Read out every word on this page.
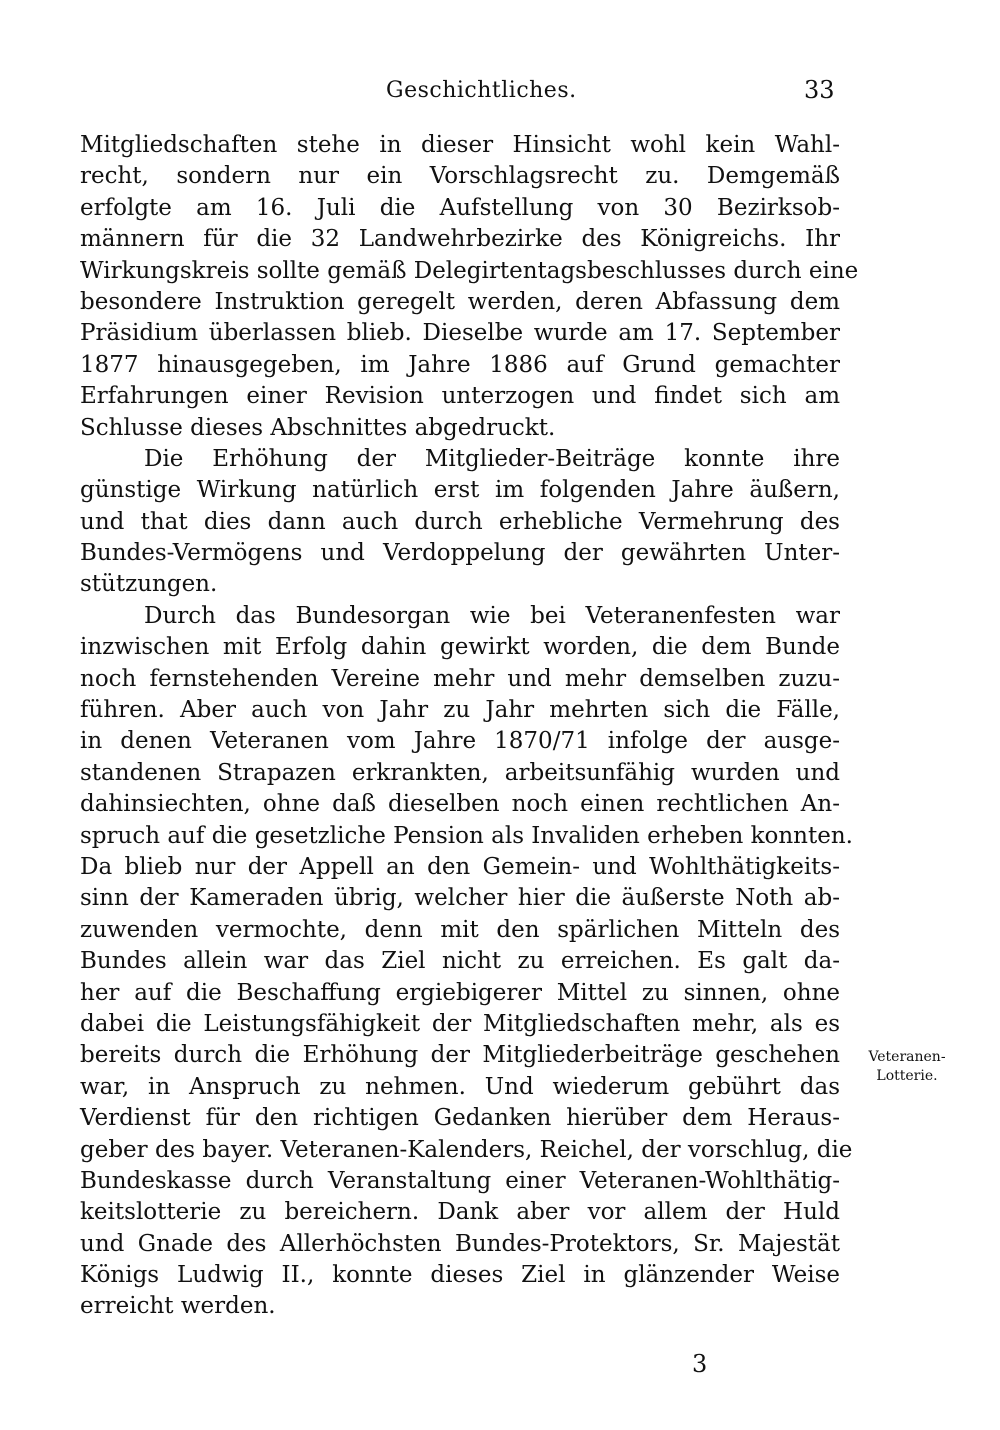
Geschichtliches.	33
Mitgliedschaften stehe in dieser Hinsicht wohl kein Wahl-
recht, sondern nur ein Vorschlagsrecht zu. Demgemäß
erfolgte am 16. Juli die Aufstellung von 30 Bezirksob-
männern für die 32 Landwehrbezirke des Königreichs. Ihr
Wirkungskreis sollte gemäß Delegirtentagsbeschlusses durch eine
besondere Instruktion geregelt werden, deren Abfassung dem
Präsidium überlassen blieb. Dieselbe wurde am 17. September
1877 hinausgegeben, im Jahre 1886 auf Grund gemachter
Erfahrungen einer Revision unterzogen und findet sich am
Schlusse dieses Abschnittes abgedruckt.
Die Erhöhung der Mitglieder-Beiträge konnte ihre
günstige Wirkung natürlich erst im folgenden Jahre äußern,
und that dies dann auch durch erhebliche Vermehrung des
Bundes-Vermögens und Verdoppelung der gewährten Unter-
stützungen.
Durch das Bundesorgan wie bei Veteranenfesten war
inzwischen mit Erfolg dahin gewirkt worden, die dem Bunde
noch fernstehenden Vereine mehr und mehr demselben zuzu-
führen. Aber auch von Jahr zu Jahr mehrten sich die Fälle,
in denen Veteranen vom Jahre 1870/71 infolge der ausge-
standenen Strapazen erkrankten, arbeitsunfähig wurden und
dahinsiechten, ohne daß dieselben noch einen rechtlichen An-
spruch auf die gesetzliche Pension als Invaliden erheben konnten.
Da blieb nur der Appell an den Gemein- und Wohlthätigkeits-
sinn der Kameraden übrig, welcher hier die äußerste Noth ab-
zuwenden vermochte, denn mit den spärlichen Mitteln des
Bundes allein war das Ziel nicht zu erreichen. Es galt da-
her auf die Beschaffung ergiebigerer Mittel zu sinnen, ohne
dabei die Leistungsfähigkeit der Mitgliedschaften mehr, als es
bereits durch die Erhöhung der Mitgliederbeiträge geschehen
war, in Anspruch zu nehmen. Und wiederum gebührt das
Verdienst für den richtigen Gedanken hierüber dem Heraus-
geber des bayer. Veteranen-Kalenders, Reichel, der vorschlug, die
Bundeskasse durch Veranstaltung einer Veteranen-Wohlthätig-
keitslotterie zu bereichern. Dank aber vor allem der Huld
und Gnade des Allerhöchsten Bundes-Protektors, Sr. Majestät
Königs Ludwig II., konnte dieses Ziel in glänzender Weise
erreicht werden.
Veteranen-
Lotterie.
3
